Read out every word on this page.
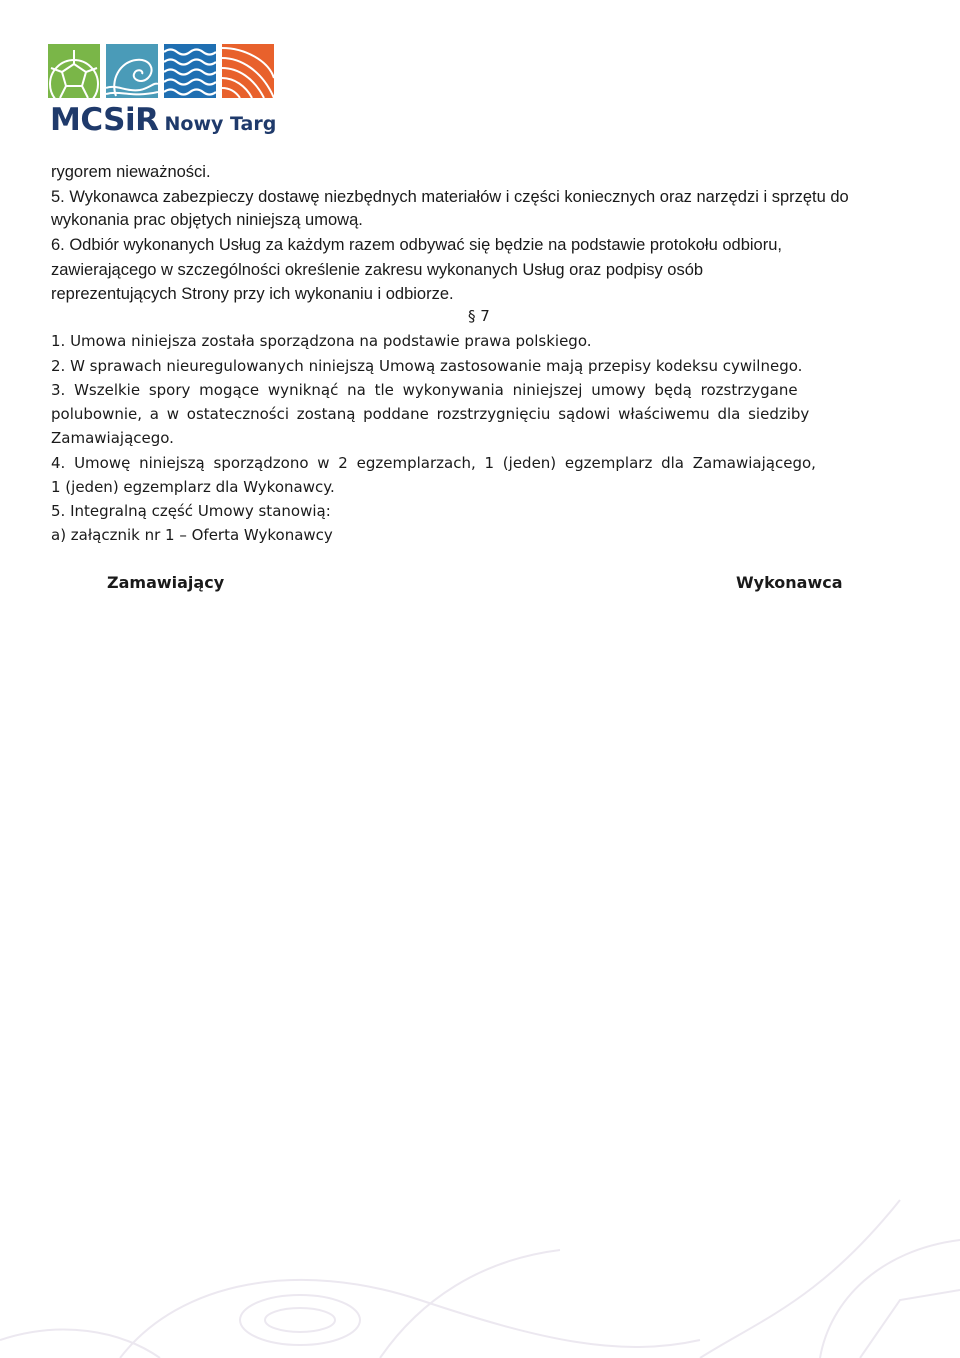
MCSiR Nowy Targ
rygorem nieważności.
5. Wykonawca zabezpieczy dostawę niezbędnych materiałów i części koniecznych oraz narzędzi i sprzętu do
wykonania prac objętych niniejszą umową.
6. Odbiór wykonanych Usług za każdym razem odbywać się będzie na podstawie protokołu odbioru,
zawierającego w szczególności określenie zakresu wykonanych Usług oraz podpisy osób
reprezentujących Strony przy ich wykonaniu i odbiorze.
§ 7
1. Umowa niniejsza została sporządzona na podstawie prawa polskiego.
2. W sprawach nieuregulowanych niniejszą Umową zastosowanie mają przepisy kodeksu cywilnego.
3. Wszelkie spory mogące wyniknąć na tle wykonywania niniejszej umowy będą rozstrzygane
polubownie, a w ostateczności zostaną poddane rozstrzygnięciu sądowi właściwemu dla siedziby
Zamawiającego.
4. Umowę niniejszą sporządzono w 2 egzemplarzach, 1 (jeden) egzemplarz dla Zamawiającego,
1 (jeden) egzemplarz dla Wykonawcy.
5. Integralną część Umowy stanowią:
a) załącznik nr 1 – Oferta Wykonawcy
Zamawiający	Wykonawca
